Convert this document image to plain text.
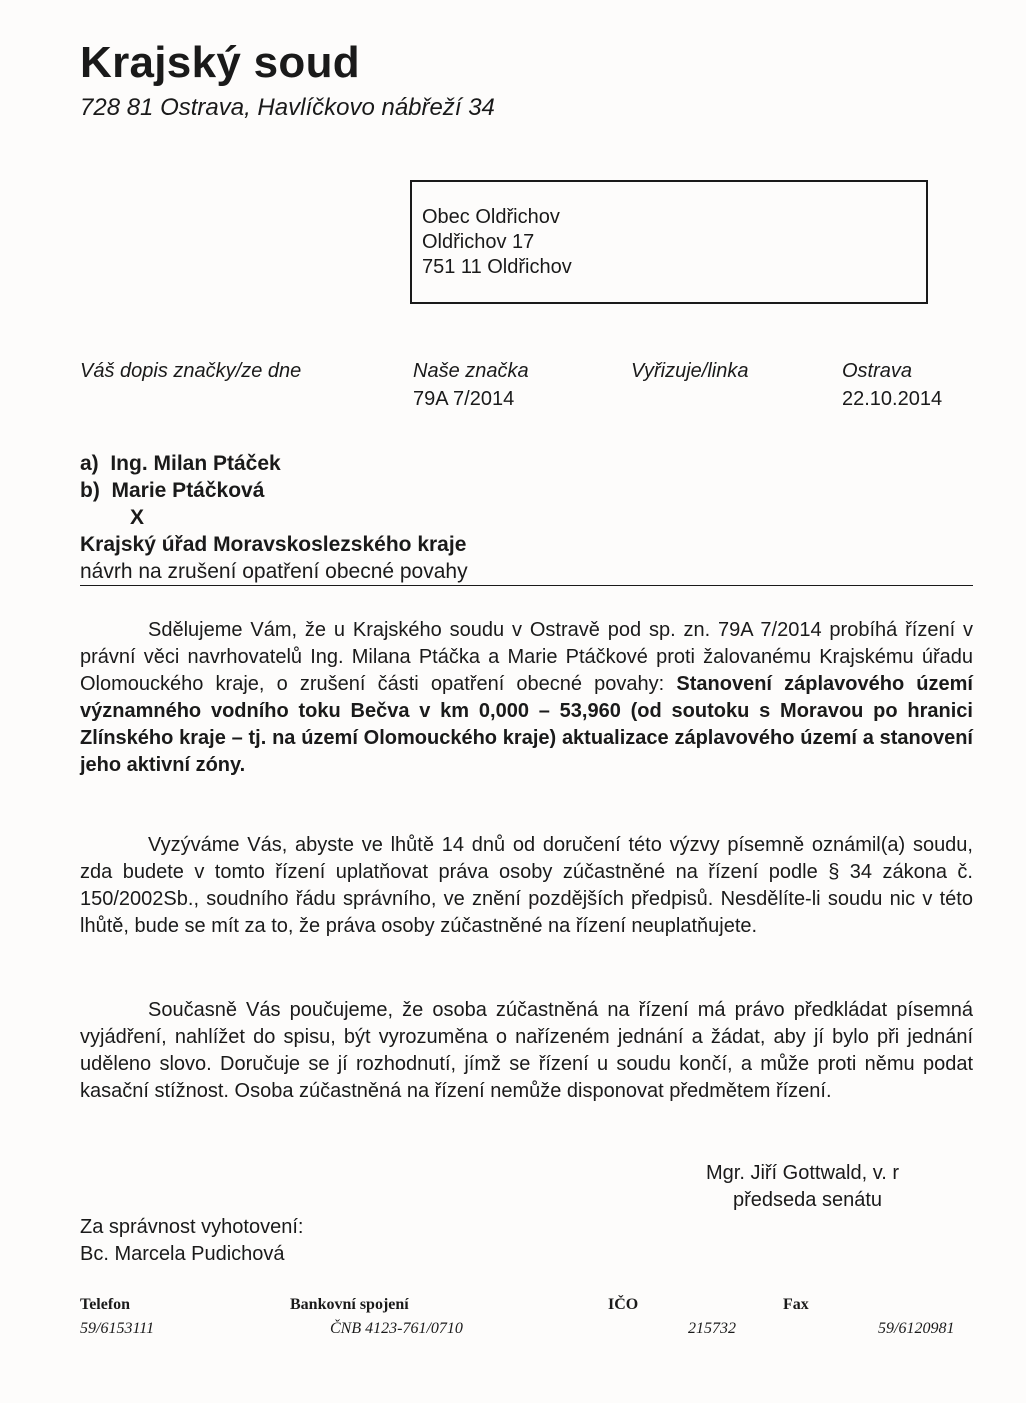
Krajský soud
728 81 Ostrava, Havlíčkovo nábřeží 34
Obec Oldřichov
Oldřichov 17
751 11 Oldřichov
Váš dopis značky/ze dne	Naše značka
79A 7/2014
Vyřizuje/linka	Ostrava
22.10.2014
a)  Ing. Milan Ptáček
b)  Marie Ptáčková
X
Krajský úřad Moravskoslezského kraje
návrh na zrušení opatření obecné povahy
Sdělujeme Vám, že u Krajského soudu v Ostravě pod sp. zn. 79A 7/2014 probíhá řízení v právní věci navrhovatelů Ing. Milana Ptáčka a Marie Ptáčkové proti žalovanému Krajskému úřadu Olomouckého kraje, o zrušení části opatření obecné povahy: Stanovení záplavového území významného vodního toku Bečva v km 0,000 – 53,960 (od soutoku s Moravou po hranici Zlínského kraje – tj. na území Olomouckého kraje) aktualizace záplavového území a stanovení jeho aktivní zóny.
Vyzýváme Vás, abyste ve lhůtě 14 dnů od doručení této výzvy písemně oznámil(a) soudu, zda budete v tomto řízení uplatňovat práva osoby zúčastněné na řízení podle § 34 zákona č. 150/2002Sb., soudního řádu správního, ve znění pozdějších předpisů. Nesdělíte-li soudu nic v této lhůtě, bude se mít za to, že práva osoby zúčastněné na řízení neuplatňujete.
Současně Vás poučujeme, že osoba zúčastněná na řízení má právo předkládat písemná vyjádření, nahlížet do spisu, být vyrozuměna o nařízeném jednání a žádat, aby jí bylo při jednání uděleno slovo. Doručuje se jí rozhodnutí, jímž se řízení u soudu končí, a může proti němu podat kasační stížnost. Osoba zúčastněná na řízení nemůže disponovat předmětem řízení.
Mgr. Jiří Gottwald, v. r
předseda senátu
Za správnost vyhotovení:
Bc. Marcela Pudichová
Telefon
59/6153111
Bankovní spojení
ČNB 4123-761/0710
IČO
215732
Fax
59/6120981
